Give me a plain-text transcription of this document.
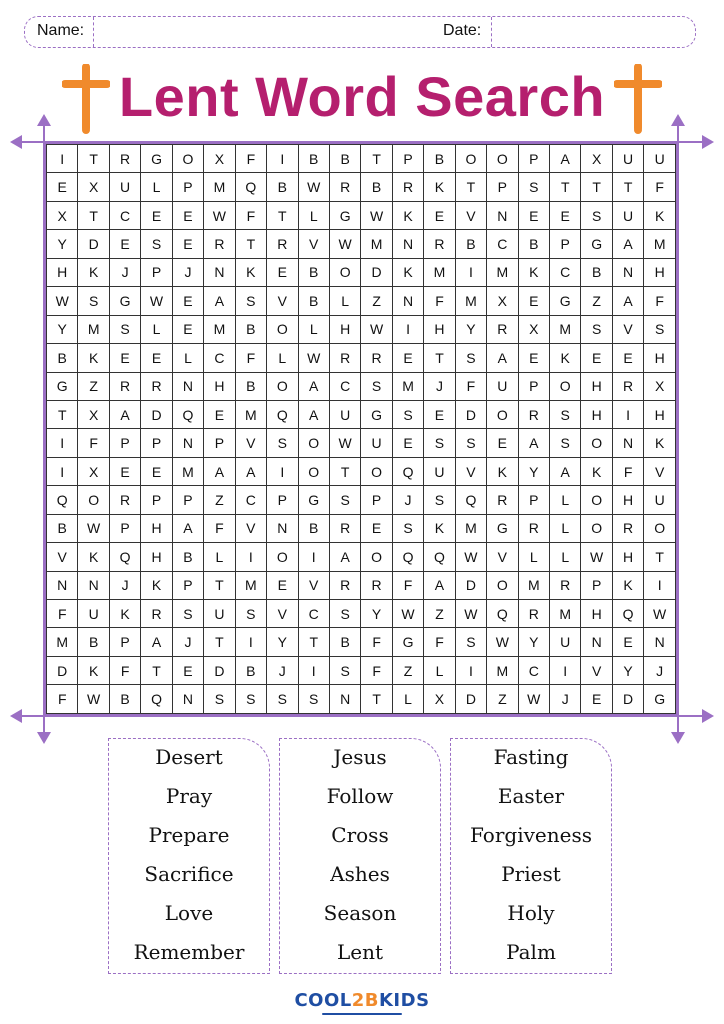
Name:	Date:
Lent Word Search
I	T	R	G	O	X	F	I	B	B	T	P	B	O	O	P	A	X	U	U
E	X	U	L	P	M	Q	B	W	R	B	R	K	T	P	S	T	T	T	F
X	T	C	E	E	W	F	T	L	G	W	K	E	V	N	E	E	S	U	K
Y	D	E	S	E	R	T	R	V	W	M	N	R	B	C	B	P	G	A	M
H	K	J	P	J	N	K	E	B	O	D	K	M	I	M	K	C	B	N	H
W	S	G	W	E	A	S	V	B	L	Z	N	F	M	X	E	G	Z	A	F
Y	M	S	L	E	M	B	O	L	H	W	I	H	Y	R	X	M	S	V	S
B	K	E	E	L	C	F	L	W	R	R	E	T	S	A	E	K	E	E	H
G	Z	R	R	N	H	B	O	A	C	S	M	J	F	U	P	O	H	R	X
T	X	A	D	Q	E	M	Q	A	U	G	S	E	D	O	R	S	H	I	H
I	F	P	P	N	P	V	S	O	W	U	E	S	S	E	A	S	O	N	K
I	X	E	E	M	A	A	I	O	T	O	Q	U	V	K	Y	A	K	F	V
Q	O	R	P	P	Z	C	P	G	S	P	J	S	Q	R	P	L	O	H	U
B	W	P	H	A	F	V	N	B	R	E	S	K	M	G	R	L	O	R	O
V	K	Q	H	B	L	I	O	I	A	O	Q	Q	W	V	L	L	W	H	T
N	N	J	K	P	T	M	E	V	R	R	F	A	D	O	M	R	P	K	I
F	U	K	R	S	U	S	V	C	S	Y	W	Z	W	Q	R	M	H	Q	W
M	B	P	A	J	T	I	Y	T	B	F	G	F	S	W	Y	U	N	E	N
D	K	F	T	E	D	B	J	I	S	F	Z	L	I	M	C	I	V	Y	J
F	W	B	Q	N	S	S	S	S	N	T	L	X	D	Z	W	J	E	D	G
Desert
Pray
Prepare
Sacrifice
Love
Remember
Jesus
Follow
Cross
Ashes
Season
Lent
Fasting
Easter
Forgiveness
Priest
Holy
Palm
COOL2BKIDS
